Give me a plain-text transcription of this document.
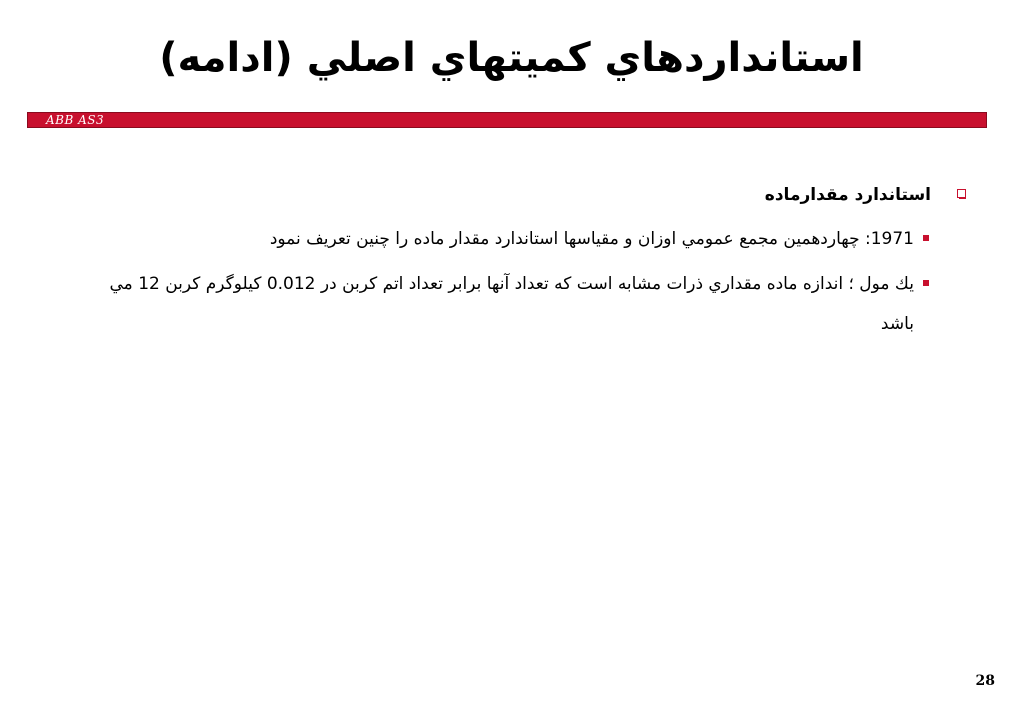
استانداردهاي كميتهاي اصلي (ادامه)
ABB AS3
استاندارد مقدارماده
1971: چهاردهمين مجمع عمومي اوزان و مقياسها استاندارد مقدار ماده را چنين تعريف نمود
يك مول ؛ اندازه ماده مقداري ذرات مشابه است كه تعداد آنها برابر تعداد اتم كربن در 0.012 كيلوگرم كربن 12 مي باشد
28
